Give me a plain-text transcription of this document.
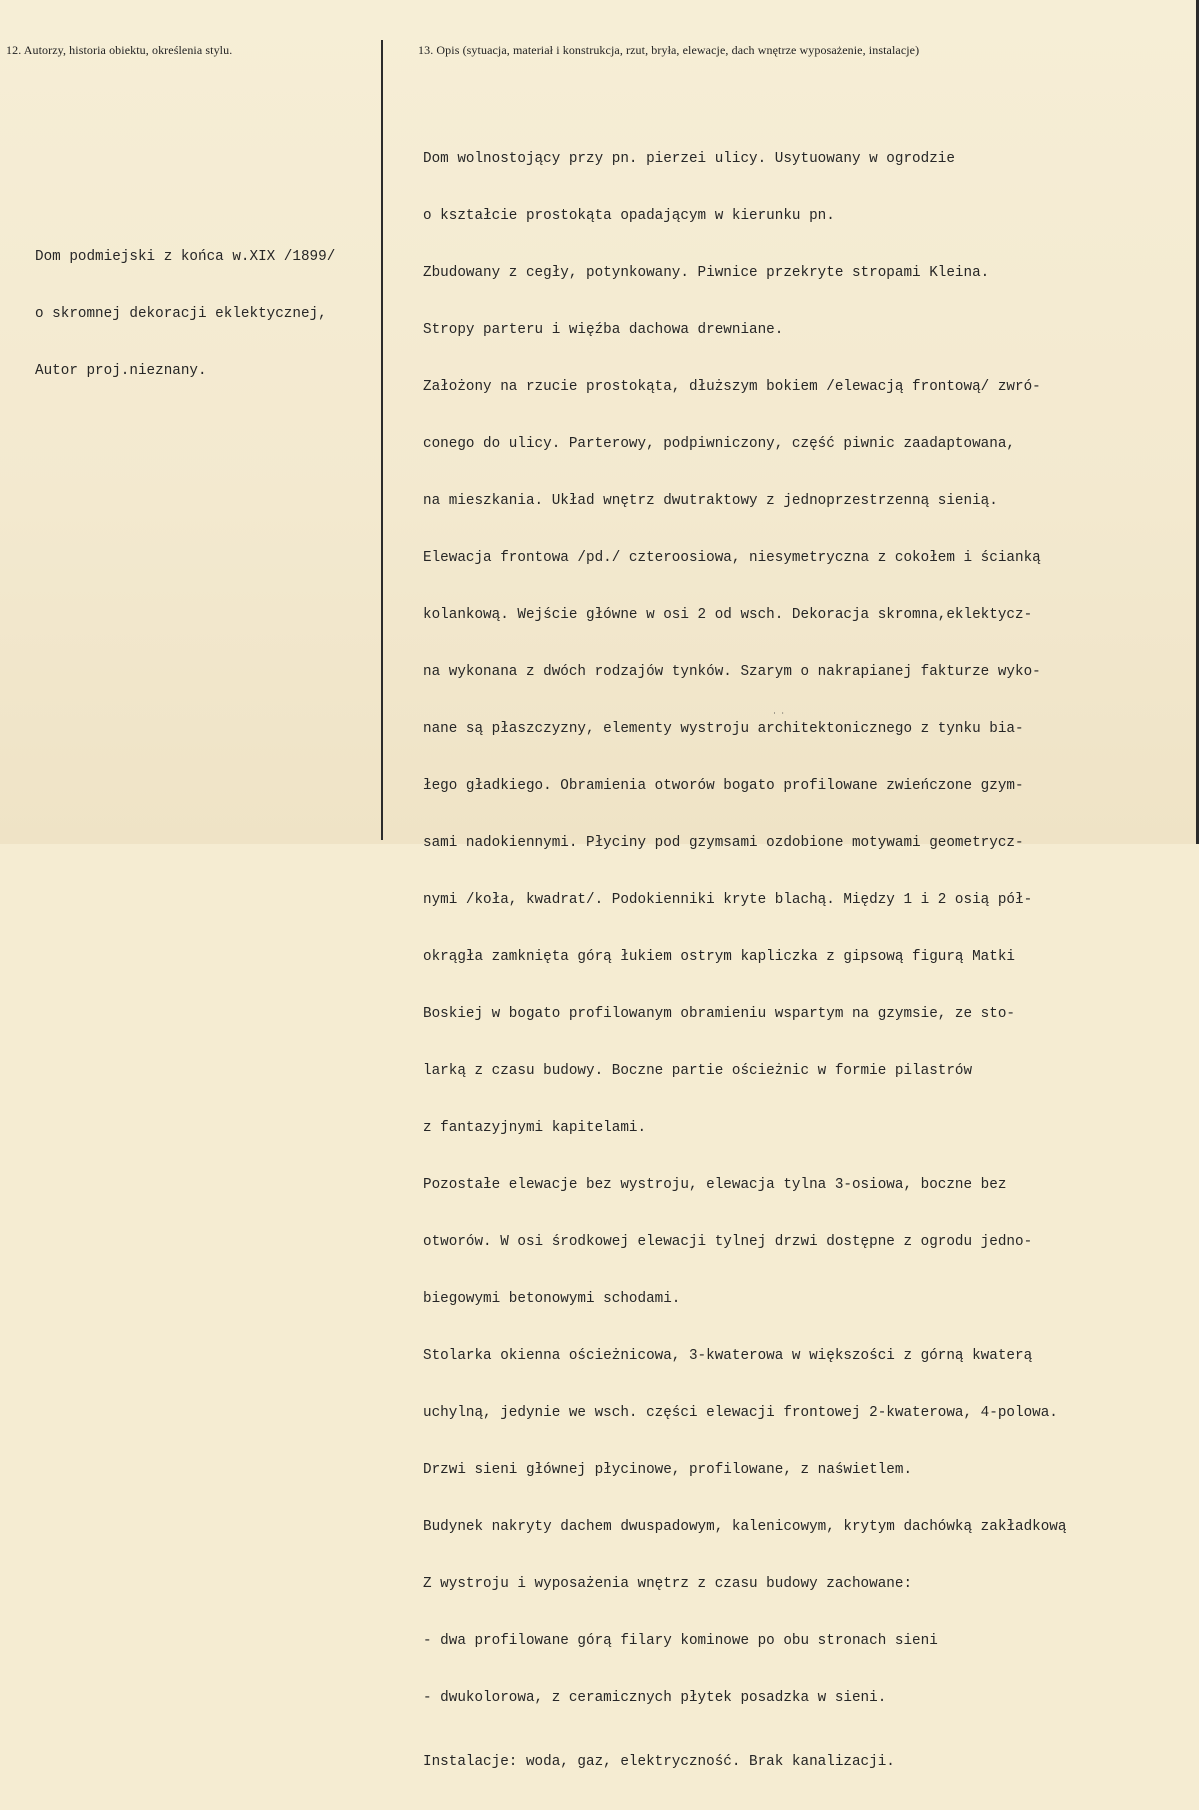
12. Autorzy, historia obiektu, określenia stylu.	13. Opis (sytuacja, materiał i konstrukcja, rzut, bryła, elewacje, dach wnętrze wyposażenie, instalacje)

Dom podmiejski z końca w.XIX /1899/

o skromnej dekoracji eklektycznej,

Autor proj.nieznany.

Dom wolnostojący przy pn. pierzei ulicy. Usytuowany w ogrodzie

o kształcie prostokąta opadającym w kierunku pn.

Zbudowany z cegły, potynkowany. Piwnice przekryte stropami Kleina.

Stropy parteru i więźba dachowa drewniane.

Założony na rzucie prostokąta, dłuższym bokiem /elewacją frontową/ zwró-

conego do ulicy. Parterowy, podpiwniczony, część piwnic zaadaptowana,

na mieszkania. Układ wnętrz dwutraktowy z jednoprzestrzenną sienią.

Elewacja frontowa /pd./ czteroosiowa, niesymetryczna z cokołem i ścianką

kolankową. Wejście główne w osi 2 od wsch. Dekoracja skromna,eklektycz-

na wykonana z dwóch rodzajów tynków. Szarym o nakrapianej fakturze wyko-

nane są płaszczyzny, elementy wystroju architektonicznego z tynku bia-

łego gładkiego. Obramienia otworów bogato profilowane zwieńczone gzym-

sami nadokiennymi. Płyciny pod gzymsami ozdobione motywami geometrycz-

nymi /koła, kwadrat/. Podokienniki kryte blachą. Między 1 i 2 osią pół-

okrągła zamknięta górą łukiem ostrym kapliczka z gipsową figurą Matki

Boskiej w bogato profilowanym obramieniu wspartym na gzymsie, ze sto-

larką z czasu budowy. Boczne partie ościeżnic w formie pilastrów

z fantazyjnymi kapitelami.

Pozostałe elewacje bez wystroju, elewacja tylna 3-osiowa, boczne bez

otworów. W osi środkowej elewacji tylnej drzwi dostępne z ogrodu jedno-

biegowymi betonowymi schodami.

Stolarka okienna ościeżnicowa, 3-kwaterowa w większości z górną kwaterą

uchylną, jedynie we wsch. części elewacji frontowej 2-kwaterowa, 4-polowa.

Drzwi sieni głównej płycinowe, profilowane, z naświetlem.

Budynek nakryty dachem dwuspadowym, kalenicowym, krytym dachówką zakładkową

Z wystroju i wyposażenia wnętrz z czasu budowy zachowane:

- dwa profilowane górą filary kominowe po obu stronach sieni

- dwukolorowa, z ceramicznych płytek posadzka w sieni.

Instalacje: woda, gaz, elektryczność. Brak kanalizacji.

˙ ˙
